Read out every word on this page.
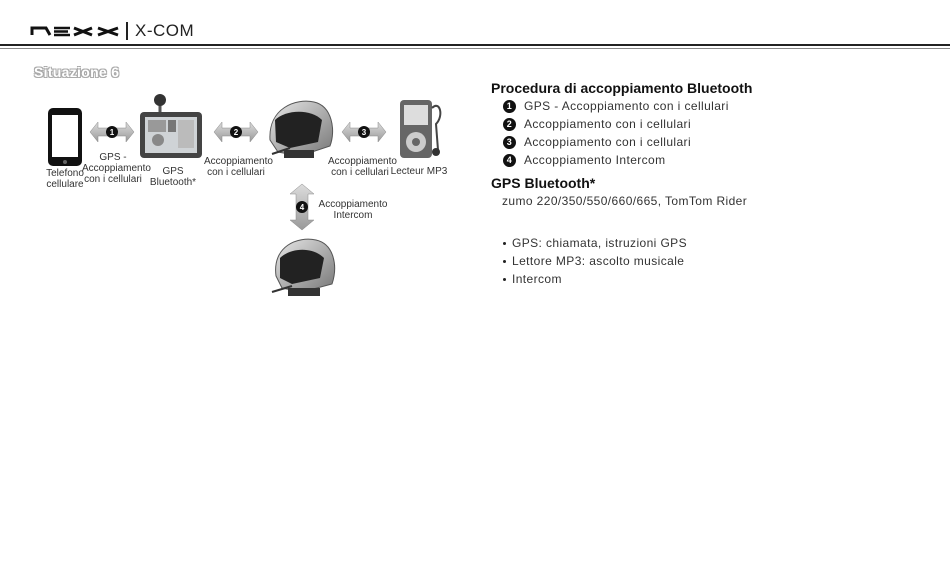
X-COM
Situazione 6
1	2	3
4
Telefono
cellulare
GPS -
Accoppiamento
con i cellulari
GPS
Bluetooth*
Accoppiamento
con i cellulari
Accoppiamento
con i cellulari Lecteur MP3
Accoppiamento
Intercom
Procedura di accoppiamento Bluetooth
1 GPS - Accoppiamento con i cellulari
2 Accoppiamento con i cellulari
3 Accoppiamento con i cellulari
4 Accoppiamento Intercom
GPS Bluetooth*

zumo 220/350/550/660/665, TomTom Rider

GPS: chiamata, istruzioni GPS
Lettore MP3: ascolto musicale
Intercom
